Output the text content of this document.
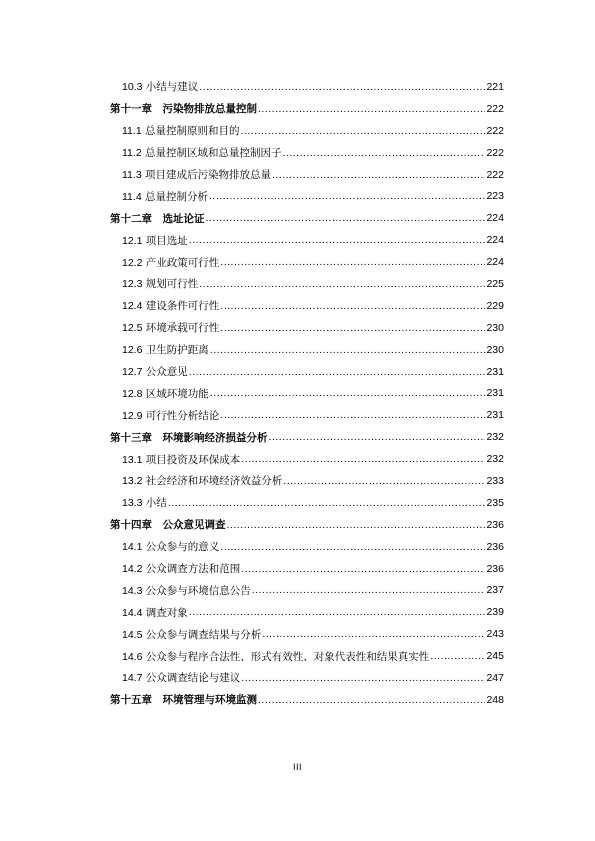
10.3 小结与建议 .....	221
第十一章  污染物排放总量控制 .....	222
11.1 总量控制原则和目的 .....	222
11.2 总量控制区域和总量控制因子 .....	222
11.3 项目建成后污染物排放总量 .....	222
11.4 总量控制分析 .....	223
第十二章  选址论证 .....	224
12.1 项目选址 .....	224
12.2 产业政策可行性 .....	224
12.3 规划可行性 .....	225
12.4 建设条件可行性 .....	229
12.5 环境承载可行性 .....	230
12.6 卫生防护距离 .....	230
12.7 公众意见 .....	231
12.8 区域环境功能 .....	231
12.9 可行性分析结论 .....	231
第十三章  环境影响经济损益分析 .....	232
13.1 项目投资及环保成本 .....	232
13.2 社会经济和环境经济效益分析 .....	233
13.3 小结 .....	235
第十四章  公众意见调查 .....	236
14.1 公众参与的意义 .....	236
14.2 公众调查方法和范围 .....	236
14.3 公众参与环境信息公告 .....	237
14.4 调查对象 .....	239
14.5 公众参与调查结果与分析 .....	243
14.6 公众参与程序合法性、形式有效性、对象代表性和结果真实性 .....	245
14.7 公众调查结论与建议 .....	247
第十五章  环境管理与环境监测 .....	248
III
